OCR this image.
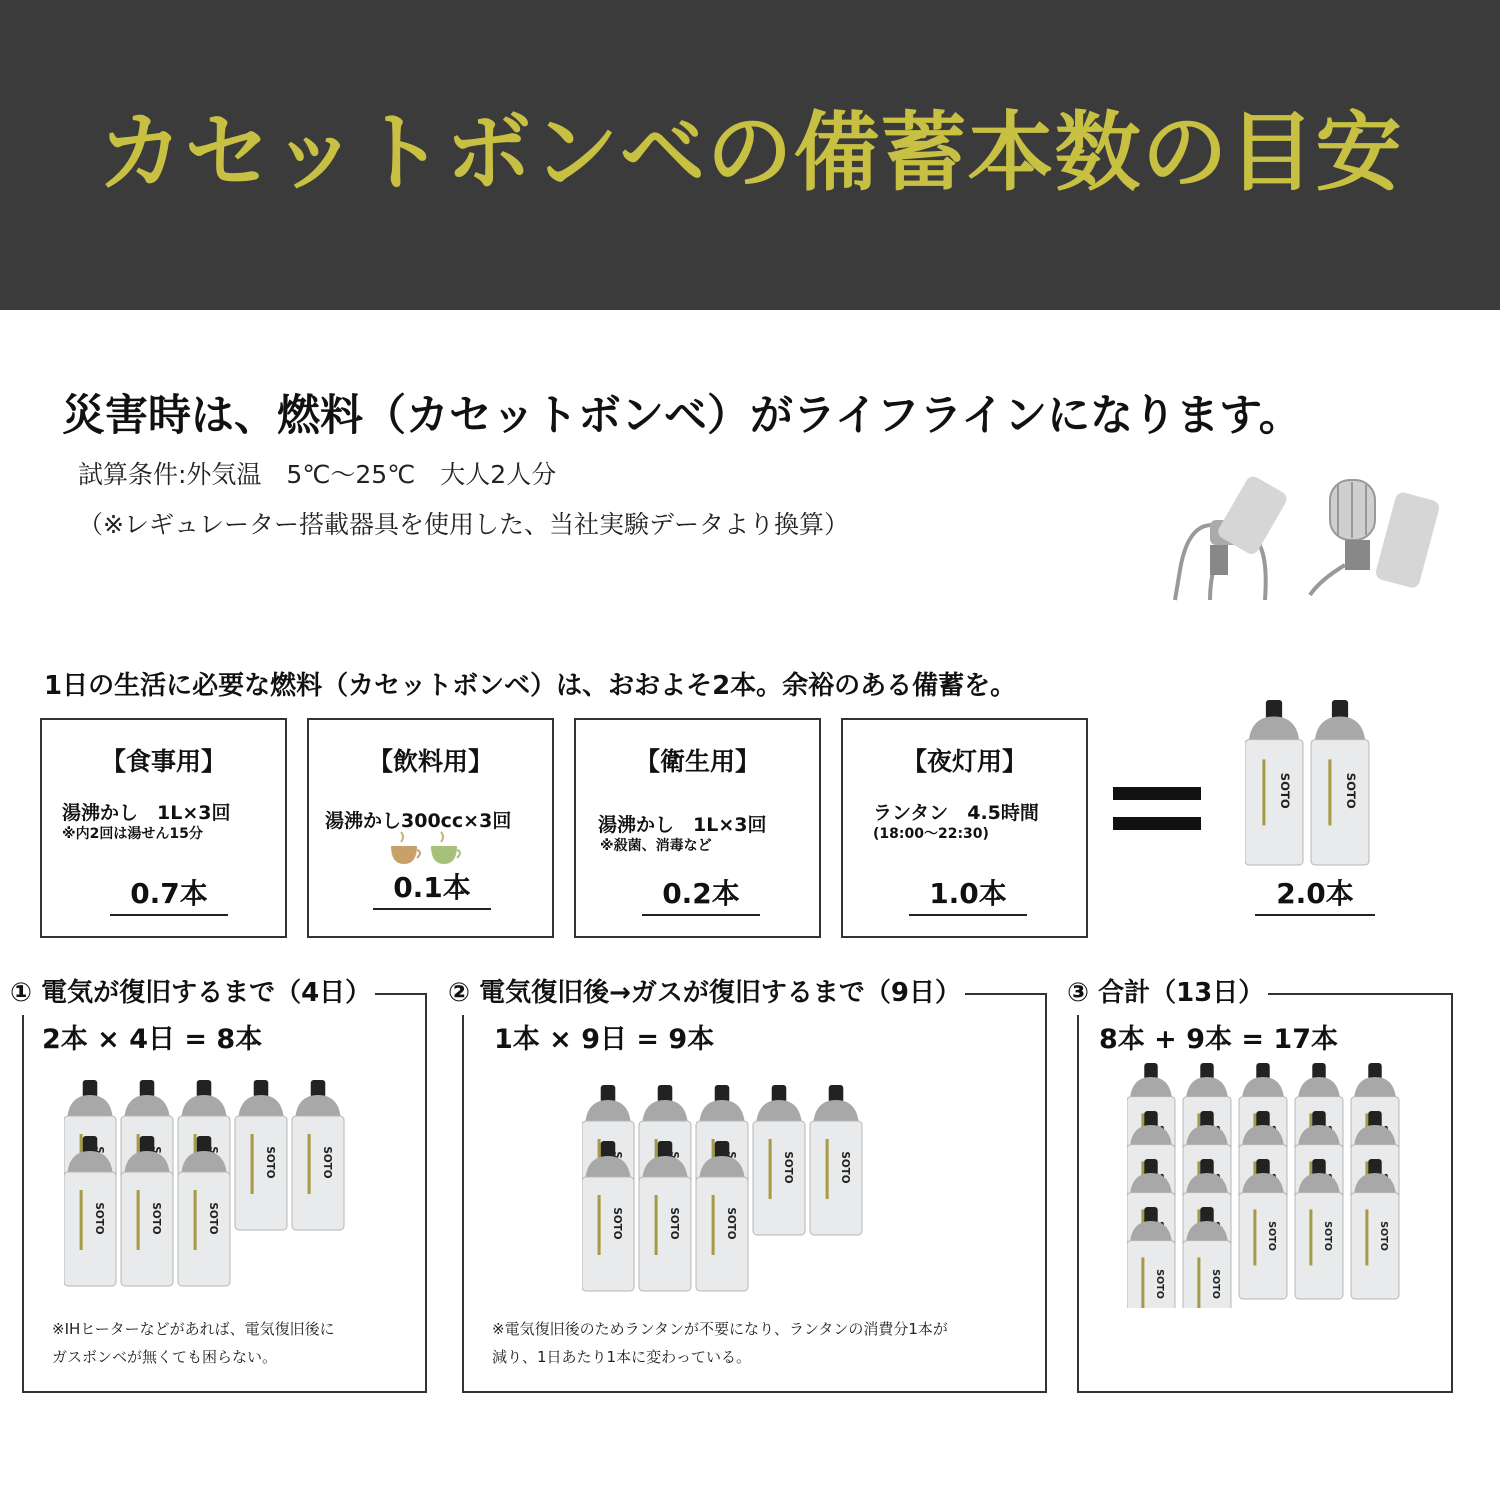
カセットボンベの備蓄本数の目安
災害時は、燃料（カセットボンベ）がライフラインになります。
試算条件:外気温　5℃～25℃　大人2人分
（※レギュレーター搭載器具を使用した、当社実験データより換算）
1日の生活に必要な燃料（カセットボンベ）は、おおよそ2本。余裕のある備蓄を。
【食事用】
湯沸かし　1L×3回
※内2回は湯せん15分
0.7本
【飲料用】
湯沸かし300cc×3回
0.1本
【衛生用】
湯沸かし　1L×3回
※殺菌、消毒など
0.2本
【夜灯用】
ランタン　4.5時間
(18:00～22:30)
1.0本
SOTO	SOTO
2.0本
① 電気が復旧するまで（4日）
2本 × 4日 = 8本
SOTO	SOTO
SOTO	SOTO	SOTO
※IHヒーターなどがあれば、電気復旧後に
ガスボンベが無くても困らない。
② 電気復旧後→ガスが復旧するまで（9日）
1本 × 9日 = 9本
SOTO	SOTO
SOTO	SOTO	SOTO
※電気復旧後のためランタンが不要になり、ランタンの消費分1本が
減り、1日あたり1本に変わっている。
③ 合計（13日）
8本 + 9本 = 17本
SOTO	SOTO	SOTO
SOTO	SOTO
